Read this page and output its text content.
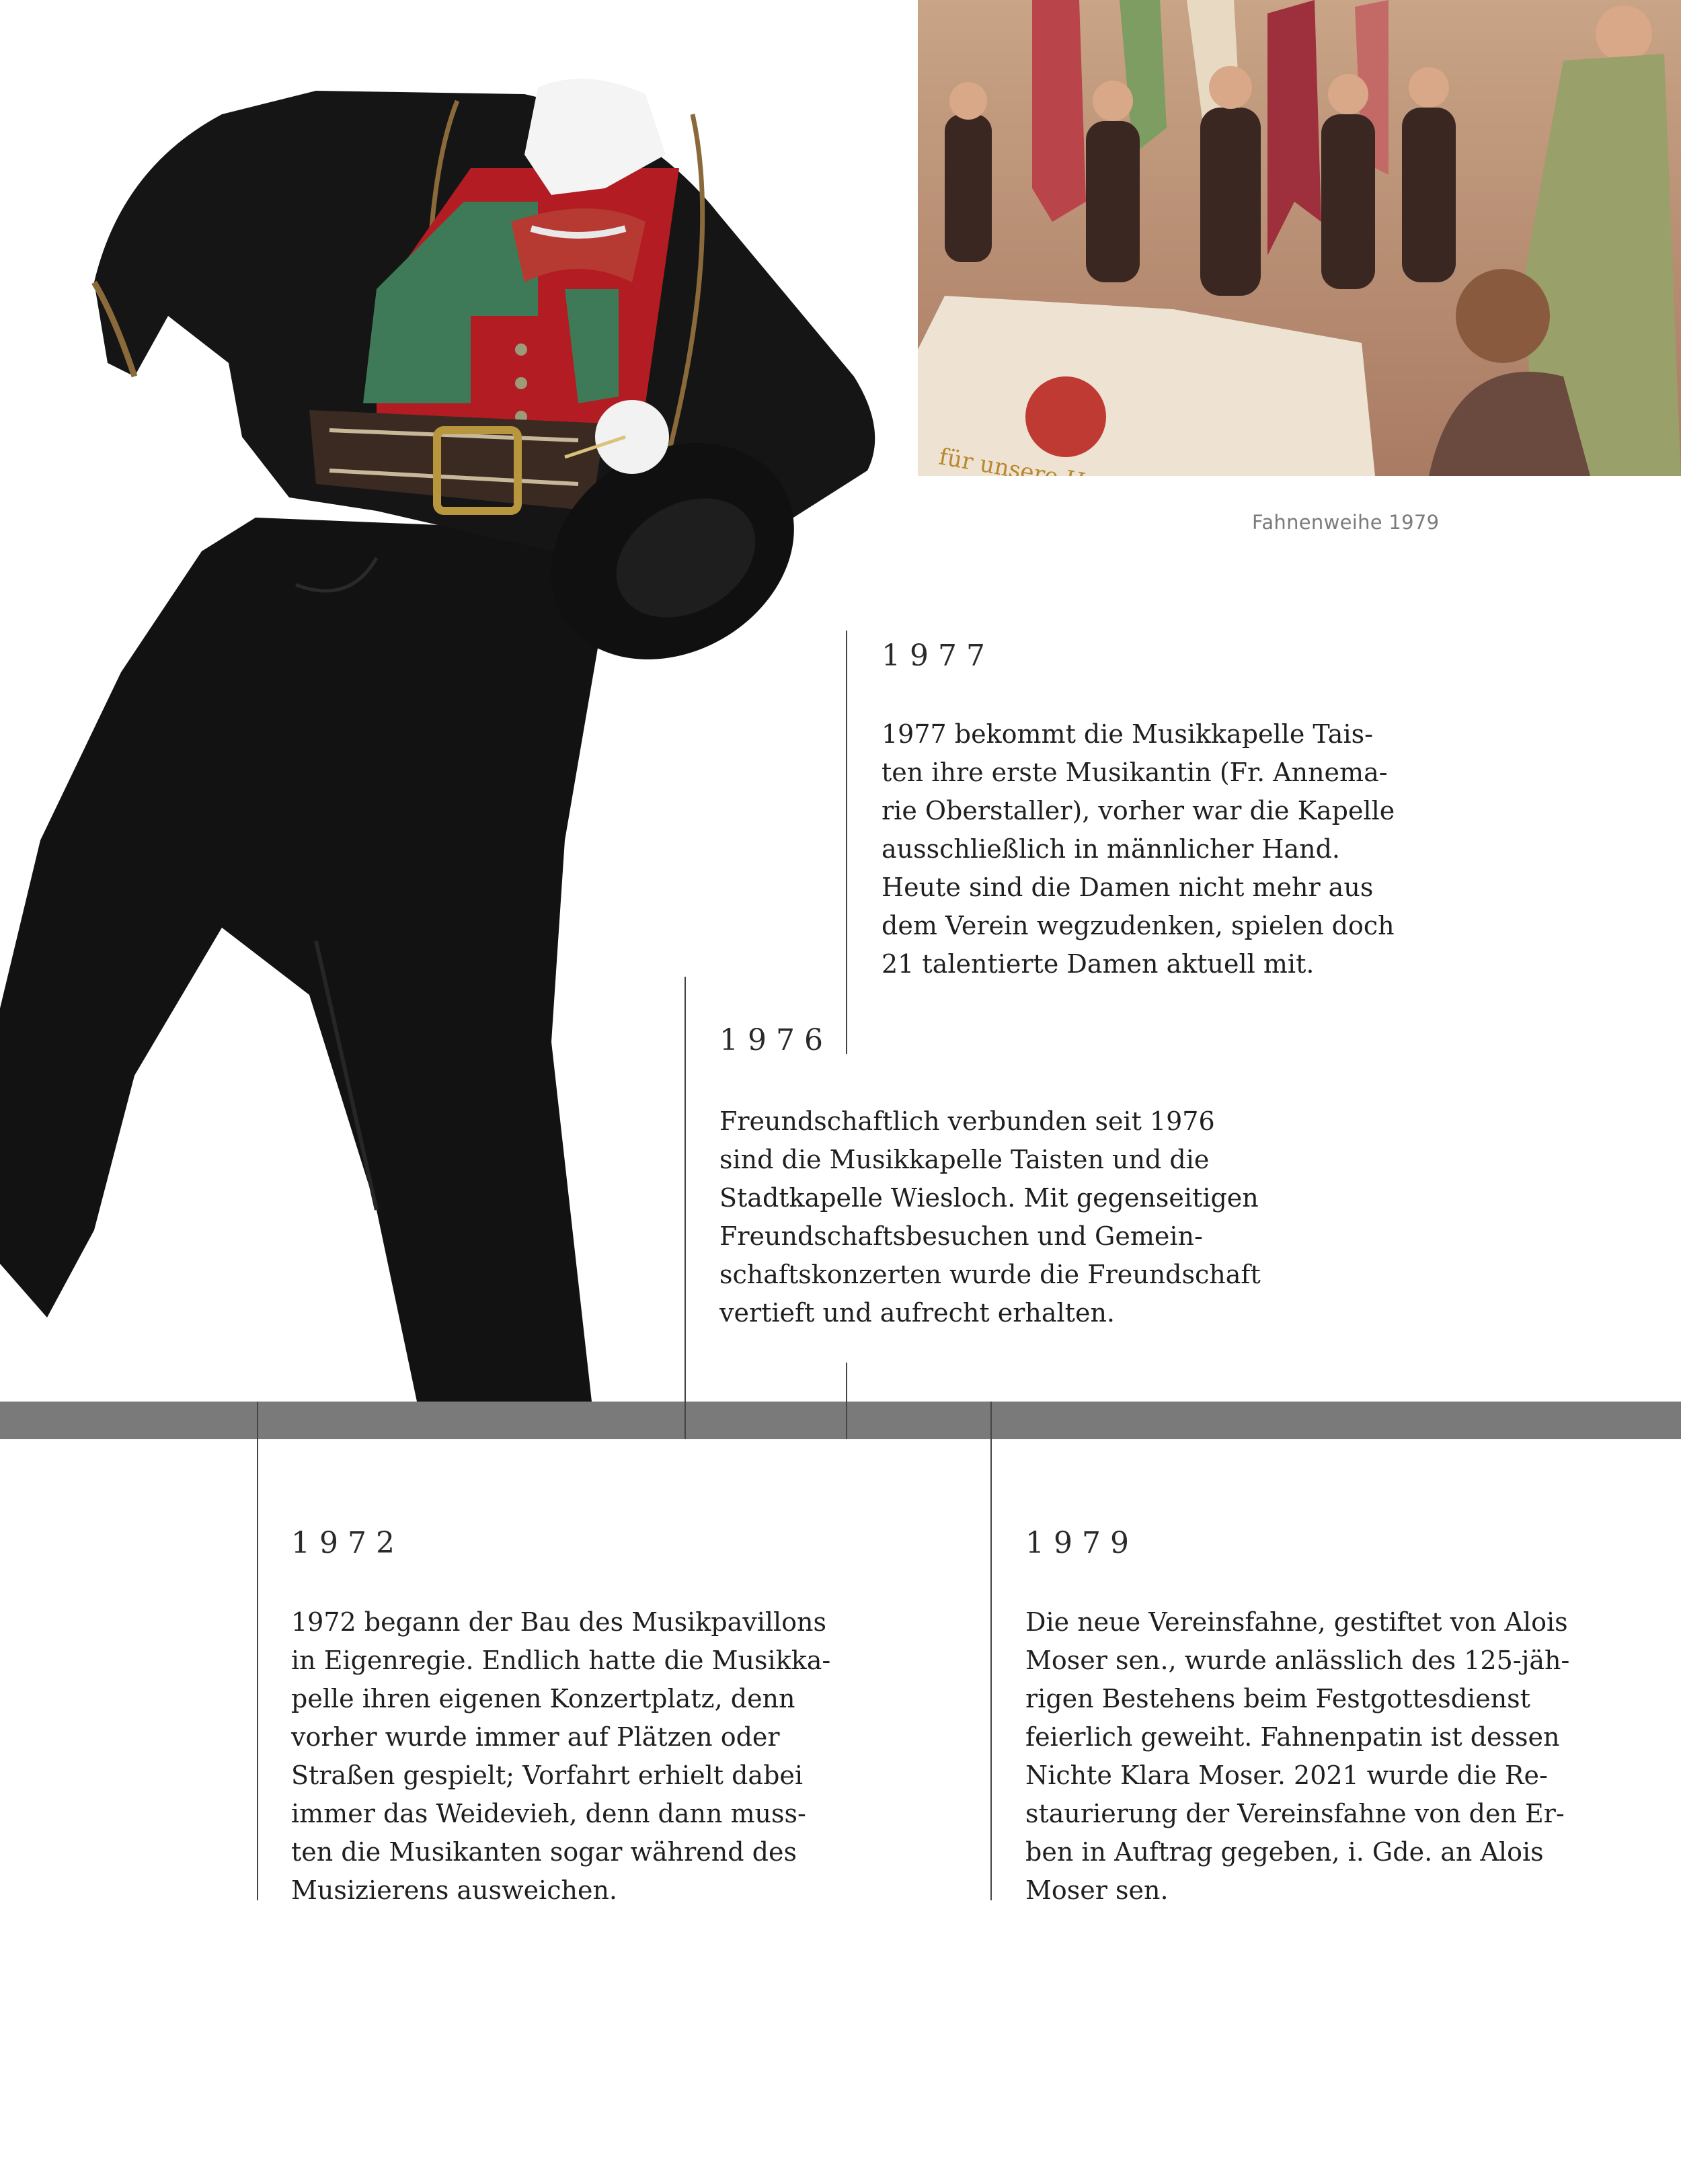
Fahnenweihe 1979
1977
1977 bekommt die Musikkapelle Tais-
ten ihre erste Musikantin (Fr. Annema-
rie Oberstaller), vorher war die Kapelle
ausschließlich in männlicher Hand.
Heute sind die Damen nicht mehr aus
dem Verein wegzudenken, spielen doch
21 talentierte Damen aktuell mit.
1976
Freundschaftlich verbunden seit 1976
sind die Musikkapelle Taisten und die
Stadtkapelle Wiesloch. Mit gegenseitigen
Freundschaftsbesuchen und Gemein-
schaftskonzerten wurde die Freundschaft
vertieft und aufrecht erhalten.
1972
1972 begann der Bau des Musikpavillons
in Eigenregie. Endlich hatte die Musikka-
pelle ihren eigenen Konzertplatz, denn
vorher wurde immer auf Plätzen oder
Straßen gespielt; Vorfahrt erhielt dabei
immer das Weidevieh, denn dann muss-
ten die Musikanten sogar während des
Musizierens ausweichen.
1979
Die neue Vereinsfahne, gestiftet von Alois
Moser sen., wurde anlässlich des 125-jäh-
rigen Bestehens beim Festgottesdienst
feierlich geweiht. Fahnenpatin ist dessen
Nichte Klara Moser. 2021 wurde die Re-
staurierung der Vereinsfahne von den Er-
ben in Auftrag gegeben, i. Gde. an Alois
Moser sen.
